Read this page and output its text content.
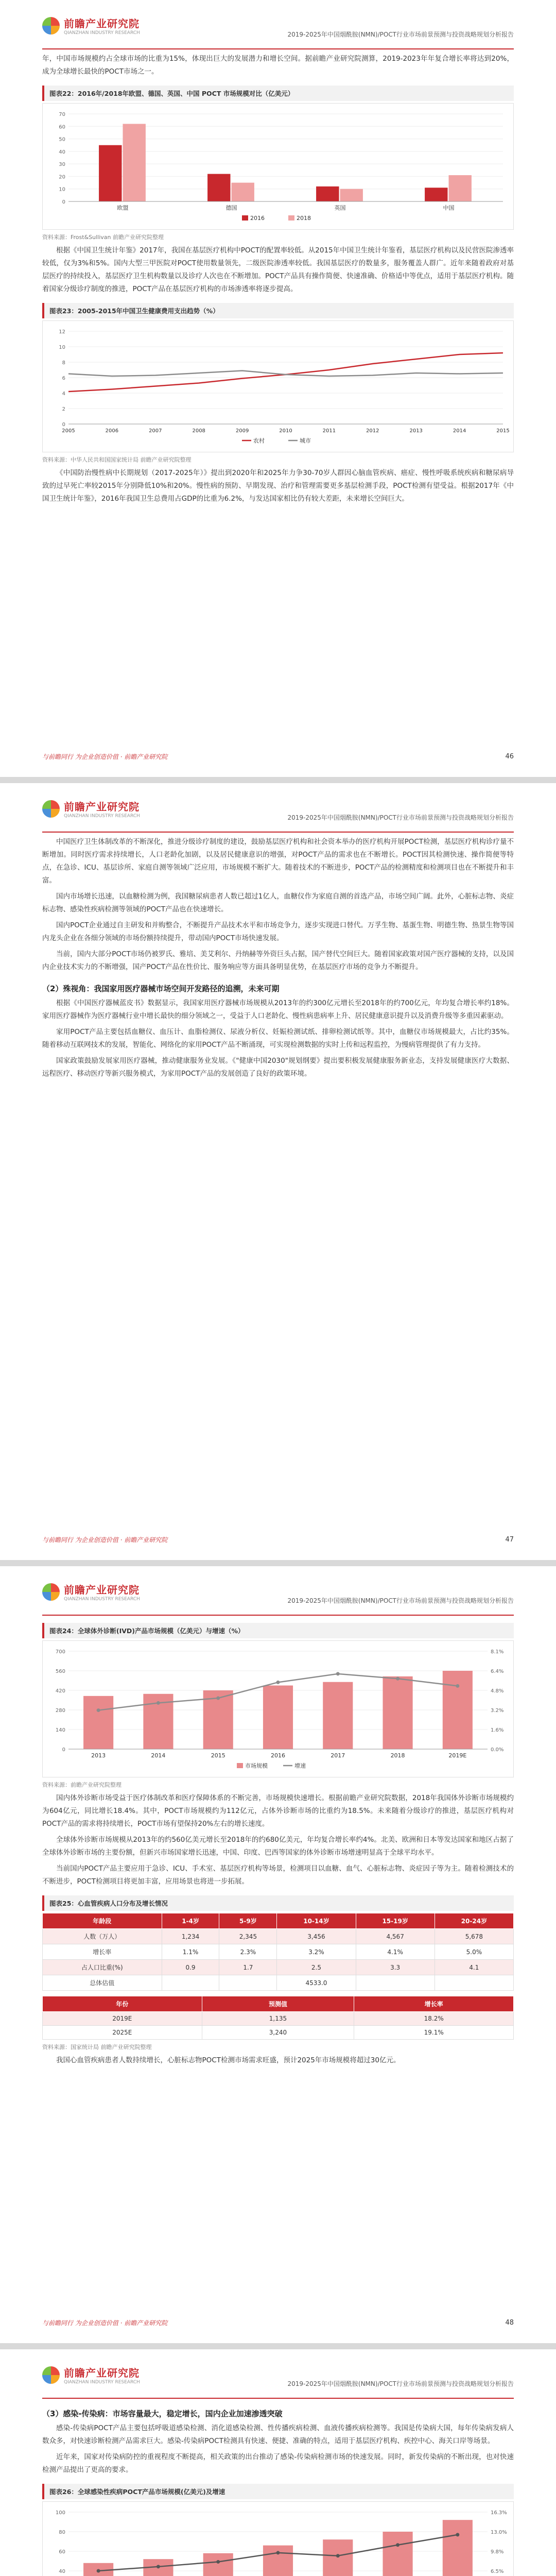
前瞻产业研究院
QIANZHAN INDUSTRY RESEARCH	2019-2025年中国烟酰胺(NMN)/POCT行业市场前景预测与投资战略规划分析报告

年，中国市场规模约占全球市场的比重为15%，体现出巨大的发展潜力和增长空间。据前瞻产业研究院测算，2019-2023年年复合增长率将达到20%，成为全球增长最快的POCT市场之一。

图表22：2016年/2018年欧盟、德国、英国、中国 POCT 市场规模对比（亿美元）
0
10
20
30
40
50
60
70
欧盟	德国	英国	中国
2016	2018
资料来源：Frost&Sullivan 前瞻产业研究院整理

根据《中国卫生统计年鉴》2017年，我国在基层医疗机构中POCT的配置率较低。从2015年中国卫生统计年鉴看，基层医疗机构以及民营医院渗透率较低，仅为3%和5%。国内大型三甲医院对POCT使用数量领先，二级医院渗透率较低。我国基层医疗的数量多，服务覆盖人群广。近年来随着政府对基层医疗的持续投入，基层医疗卫生机构数量以及诊疗人次也在不断增加。POCT产品具有操作简便、快速准确、价格适中等优点，适用于基层医疗机构。随着国家分级诊疗制度的推进，POCT产品在基层医疗机构的市场渗透率将逐步提高。

图表23：2005-2015年中国卫生健康费用支出趋势（%）
0
2
4
6
8
10
12
2005	2006	2007	2008	2009	2010	2011	2012	2013	2014	2015
农村	城市
资料来源：中华人民共和国国家统计局 前瞻产业研究院整理

《中国防治慢性病中长期规划（2017-2025年）》提出到2020年和2025年力争30-70岁人群因心脑血管疾病、癌症、慢性呼吸系统疾病和糖尿病导致的过早死亡率较2015年分别降低10%和20%。慢性病的预防、早期发现、治疗和管理需要更多基层检测手段，POCT检测有望受益。根据2017年《中国卫生统计年鉴》，2016年我国卫生总费用占GDP的比重为6.2%，与发达国家相比仍有较大差距，未来增长空间巨大。

与前瞻同行 为企业创造价值 · 前瞻产业研究院	46
前瞻产业研究院
QIANZHAN INDUSTRY RESEARCH	2019-2025年中国烟酰胺(NMN)/POCT行业市场前景预测与投资战略规划分析报告

中国医疗卫生体制改革的不断深化，推进分级诊疗制度的建设，鼓励基层医疗机构和社会资本举办的医疗机构开展POCT检测，基层医疗机构诊疗量不断增加。同时医疗需求持续增长，人口老龄化加剧，以及居民健康意识的增强，对POCT产品的需求也在不断增长。POCT因其检测快速、操作简便等特点，在急诊、ICU、基层诊所、家庭自测等领域广泛应用，市场规模不断扩大。随着技术的不断进步，POCT产品的检测精度和检测项目也在不断提升和丰富。

国内市场增长迅速，以血糖检测为例，我国糖尿病患者人数已超过1亿人，血糖仪作为家庭自测的首选产品，市场空间广阔。此外，心脏标志物、炎症标志物、感染性疾病检测等领域的POCT产品也在快速增长。

国内POCT企业通过自主研发和并购整合，不断提升产品技术水平和市场竞争力，逐步实现进口替代。万孚生物、基蛋生物、明德生物、热景生物等国内龙头企业在各细分领域的市场份额持续提升，带动国内POCT市场快速发展。

当前，国内大部分POCT市场仍被罗氏、雅培、美艾利尔、丹纳赫等外资巨头占据，国产替代空间巨大。随着国家政策对国产医疗器械的支持，以及国内企业技术实力的不断增强，国产POCT产品在性价比、服务响应等方面具备明显优势，在基层医疗市场的竞争力不断提升。

（2）殊视角：我国家用医疗器械市场空间开发路径的追溯，未来可期

根据《中国医疗器械蓝皮书》数据显示，我国家用医疗器械市场规模从2013年的约300亿元增长至2018年的约700亿元，年均复合增长率约18%。家用医疗器械作为医疗器械行业中增长最快的细分领域之一，受益于人口老龄化、慢性病患病率上升、居民健康意识提升以及消费升级等多重因素驱动。

家用POCT产品主要包括血糖仪、血压计、血脂检测仪、尿液分析仪、妊娠检测试纸、排卵检测试纸等。其中，血糖仪市场规模最大，占比约35%。随着移动互联网技术的发展，智能化、网络化的家用POCT产品不断涌现，可实现检测数据的实时上传和远程监控，为慢病管理提供了有力支持。

国家政策鼓励发展家用医疗器械，推动健康服务业发展。《"健康中国2030"规划纲要》提出要积极发展健康服务新业态，支持发展健康医疗大数据、远程医疗、移动医疗等新兴服务模式，为家用POCT产品的发展创造了良好的政策环境。

与前瞻同行 为企业创造价值 · 前瞻产业研究院	47
前瞻产业研究院
QIANZHAN INDUSTRY RESEARCH	2019-2025年中国烟酰胺(NMN)/POCT行业市场前景预测与投资战略规划分析报告
图表24：全球体外诊断(IVD)产品市场规模（亿美元）与增速（%）
0	0.0%
140	1.6%
280	3.2%
420	4.8%
560	6.4%
700	8.1%
2013	2014	2015	2016	2017	2018	2019E
市场规模	增速
资料来源：前瞻产业研究院整理

国内体外诊断市场受益于医疗体制改革和医疗保障体系的不断完善，市场规模快速增长。根据前瞻产业研究院数据，2018年我国体外诊断市场规模约为604亿元，同比增长18.4%。其中，POCT市场规模约为112亿元，占体外诊断市场的比重约为18.5%。未来随着分级诊疗的推进，基层医疗机构对POCT产品的需求将持续增长，POCT市场有望保持20%左右的增长速度。

全球体外诊断市场规模从2013年的约560亿美元增长至2018年的约680亿美元，年均复合增长率约4%。北美、欧洲和日本等发达国家和地区占据了全球体外诊断市场的主要份额，但新兴市场国家增长迅速，中国、印度、巴西等国家的体外诊断市场增速明显高于全球平均水平。

当前国内POCT产品主要应用于急诊、ICU、手术室、基层医疗机构等场景，检测项目以血糖、血气、心脏标志物、炎症因子等为主。随着检测技术的不断进步，POCT检测项目将更加丰富，应用场景也将进一步拓展。

图表25：心血管疾病人口分布及增长情况
年龄段	1-4岁	5-9岁	10-14岁	15-19岁	20-24岁
人数（万人）	1,234	2,345	3,456	4,567	5,678
增长率	1.1%	2.3%	3.2%	4.1%	5.0%
占人口比重(%)	0.9	1.7	2.5	3.3	4.1
总体估值			4533.0		
年份	预测值	增长率
2019E	1,135	18.2%
2025E	3,240	19.1%
资料来源：国家统计局 前瞻产业研究院整理

我国心血管疾病患者人数持续增长，心脏标志物POCT检测市场需求旺盛，预计2025年市场规模将超过30亿元。

与前瞻同行 为企业创造价值 · 前瞻产业研究院	48
前瞻产业研究院
QIANZHAN INDUSTRY RESEARCH	2019-2025年中国烟酰胺(NMN)/POCT行业市场前景预测与投资战略规划分析报告
（3）感染-传染病：市场容量最大，稳定增长，国内企业加速渗透突破

感染-传染病POCT产品主要包括呼吸道感染检测、消化道感染检测、性传播疾病检测、血液传播疾病检测等。我国是传染病大国，每年传染病发病人数众多，对快速诊断检测产品需求巨大。感染-传染病POCT检测具有快速、便捷、准确的特点，适用于基层医疗机构、疾控中心、海关口岸等场景。

近年来，国家对传染病防控的重视程度不断提高，相关政策的出台推动了感染-传染病检测市场的快速发展。同时，新发传染病的不断出现，也对快速检测产品提出了更高的要求。

图表26：全球感染性疾病POCT产品市场规模(亿美元)及增速
40	6.5%
60	9.8%
80	13.0%
100	16.3%
